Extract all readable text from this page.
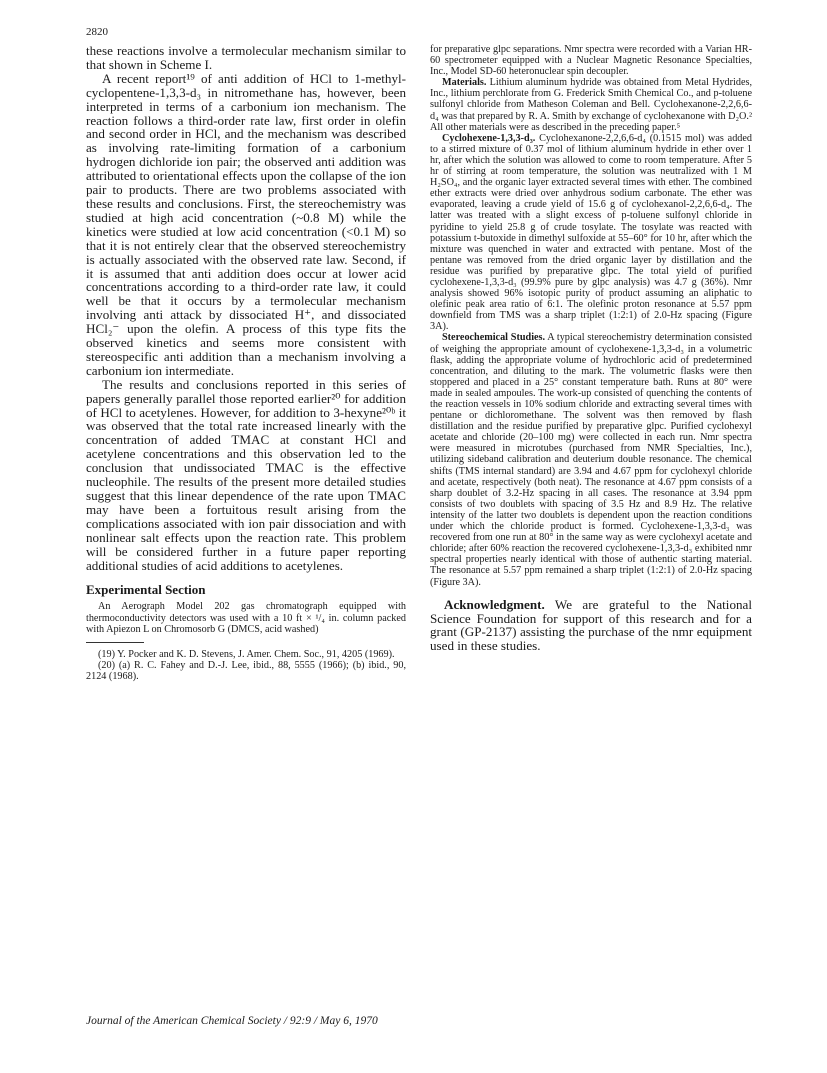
2820

these reactions involve a termolecular mechanism similar to that shown in Scheme I.

A recent report¹⁹ of anti addition of HCl to 1-methyl-cyclopentene-1,3,3-d₃ in nitromethane has, however, been interpreted in terms of a carbonium ion mechanism. The reaction follows a third-order rate law, first order in olefin and second order in HCl, and the mechanism was described as involving rate-limiting formation of a carbonium hydrogen dichloride ion pair; the observed anti addition was attributed to orientational effects upon the collapse of the ion pair to products. There are two problems associated with these results and conclusions. First, the stereochemistry was studied at high acid concentration (~0.8 M) while the kinetics were studied at low acid concentration (<0.1 M) so that it is not entirely clear that the observed stereochemistry is actually associated with the observed rate law. Second, if it is assumed that anti addition does occur at lower acid concentrations according to a third-order rate law, it could well be that it occurs by a termolecular mechanism involving anti attack by dissociated H⁺, and dissociated HCl₂⁻ upon the olefin. A process of this type fits the observed kinetics and seems more consistent with stereospecific anti addition than a mechanism involving a carbonium ion intermediate.

The results and conclusions reported in this series of papers generally parallel those reported earlier²⁰ for addition of HCl to acetylenes. However, for addition to 3-hexyne²⁰ᵇ it was observed that the total rate increased linearly with the concentration of added TMAC at constant HCl and acetylene concentrations and this observation led to the conclusion that undissociated TMAC is the effective nucleophile. The results of the present more detailed studies suggest that this linear dependence of the rate upon TMAC may have been a fortuitous result arising from the complications associated with ion pair dissociation and with nonlinear salt effects upon the reaction rate. This problem will be considered further in a future paper reporting additional studies of acid additions to acetylenes.

Experimental Section

An Aerograph Model 202 gas chromatograph equipped with thermoconductivity detectors was used with a 10 ft × ¹/₄ in. column packed with Apiezon L on Chromosorb G (DMCS, acid washed)

(19) Y. Pocker and K. D. Stevens, J. Amer. Chem. Soc., 91, 4205 (1969).

(20) (a) R. C. Fahey and D.-J. Lee, ibid., 88, 5555 (1966); (b) ibid., 90, 2124 (1968).

for preparative glpc separations. Nmr spectra were recorded with a Varian HR-60 spectrometer equipped with a Nuclear Magnetic Resonance Specialties, Inc., Model SD-60 heteronuclear spin decoupler.

Materials. Lithium aluminum hydride was obtained from Metal Hydrides, Inc., lithium perchlorate from G. Frederick Smith Chemical Co., and p-toluene sulfonyl chloride from Matheson Coleman and Bell. Cyclohexanone-2,2,6,6-d₄ was that prepared by R. A. Smith by exchange of cyclohexanone with D₂O.² All other materials were as described in the preceding paper.⁵

Cyclohexene-1,3,3-d₃. Cyclohexanone-2,2,6,6-d₄ (0.1515 mol) was added to a stirred mixture of 0.37 mol of lithium aluminum hydride in ether over 1 hr, after which the solution was allowed to come to room temperature. After 5 hr of stirring at room temperature, the solution was neutralized with 1 M H₂SO₄, and the organic layer extracted several times with ether. The combined ether extracts were dried over anhydrous sodium carbonate. The ether was evaporated, leaving a crude yield of 15.6 g of cyclohexanol-2,2,6,6-d₄. The latter was treated with a slight excess of p-toluene sulfonyl chloride in pyridine to yield 25.8 g of crude tosylate. The tosylate was reacted with potassium t-butoxide in dimethyl sulfoxide at 55–60° for 10 hr, after which the mixture was quenched in water and extracted with pentane. Most of the pentane was removed from the dried organic layer by distillation and the residue was purified by preparative glpc. The total yield of purified cyclohexene-1,3,3-d₃ (99.9% pure by glpc analysis) was 4.7 g (36%). Nmr analysis showed 96% isotopic purity of product assuming an aliphatic to olefinic peak area ratio of 6:1. The olefinic proton resonance at 5.57 ppm downfield from TMS was a sharp triplet (1:2:1) of 2.0-Hz spacing (Figure 3A).

Stereochemical Studies. A typical stereochemistry determination consisted of weighing the appropriate amount of cyclohexene-1,3,3-d₃ in a volumetric flask, adding the appropriate volume of hydrochloric acid of predetermined concentration, and diluting to the mark. The volumetric flasks were then stoppered and placed in a 25° constant temperature bath. Runs at 80° were made in sealed ampoules. The work-up consisted of quenching the contents of the reaction vessels in 10% sodium chloride and extracting several times with pentane or dichloromethane. The solvent was then removed by flash distillation and the residue purified by preparative glpc. Purified cyclohexyl acetate and chloride (20–100 mg) were collected in each run. Nmr spectra were measured in microtubes (purchased from NMR Specialties, Inc.), utilizing sideband calibration and deuterium double resonance. The chemical shifts (TMS internal standard) are 3.94 and 4.67 ppm for cyclohexyl chloride and acetate, respectively (both neat). The resonance at 4.67 ppm consists of a sharp doublet of 3.2-Hz spacing in all cases. The resonance at 3.94 ppm consists of two doublets with spacing of 3.5 Hz and 8.9 Hz. The relative intensity of the latter two doublets is dependent upon the reaction conditions under which the chloride product is formed. Cyclohexene-1,3,3-d₃ was recovered from one run at 80° in the same way as were cyclohexyl acetate and chloride; after 60% reaction the recovered cyclohexene-1,3,3-d₃ exhibited nmr spectral properties nearly identical with those of authentic starting material. The resonance at 5.57 ppm remained a sharp triplet (1:2:1) of 2.0-Hz spacing (Figure 3A).

Acknowledgment. We are grateful to the National Science Foundation for support of this research and for a grant (GP-2137) assisting the purchase of the nmr equipment used in these studies.

Journal of the American Chemical Society / 92:9 / May 6, 1970
